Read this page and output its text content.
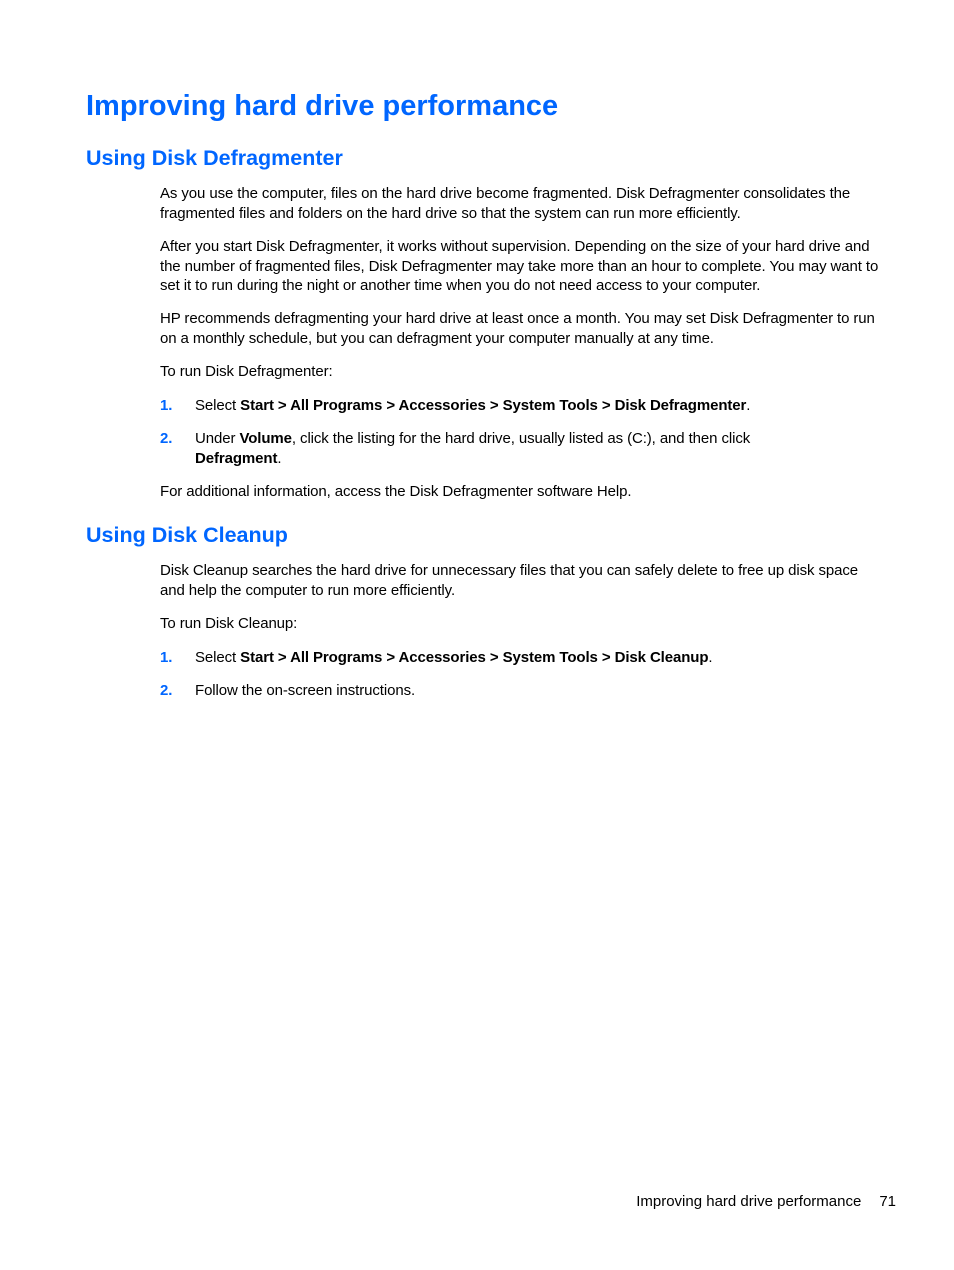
Improving hard drive performance
Using Disk Defragmenter

As you use the computer, files on the hard drive become fragmented. Disk Defragmenter consolidates the fragmented files and folders on the hard drive so that the system can run more efficiently.

After you start Disk Defragmenter, it works without supervision. Depending on the size of your hard drive and the number of fragmented files, Disk Defragmenter may take more than an hour to complete. You may want to set it to run during the night or another time when you do not need access to your computer.

HP recommends defragmenting your hard drive at least once a month. You may set Disk Defragmenter to run on a monthly schedule, but you can defragment your computer manually at any time.

To run Disk Defragmenter:

1. Select Start > All Programs > Accessories > System Tools > Disk Defragmenter.
2. Under Volume, click the listing for the hard drive, usually listed as (C:), and then click Defragment.

For additional information, access the Disk Defragmenter software Help.

Using Disk Cleanup

Disk Cleanup searches the hard drive for unnecessary files that you can safely delete to free up disk space and help the computer to run more efficiently.

To run Disk Cleanup:

1. Select Start > All Programs > Accessories > System Tools > Disk Cleanup.
2. Follow the on-screen instructions.
Improving hard drive performance 71
